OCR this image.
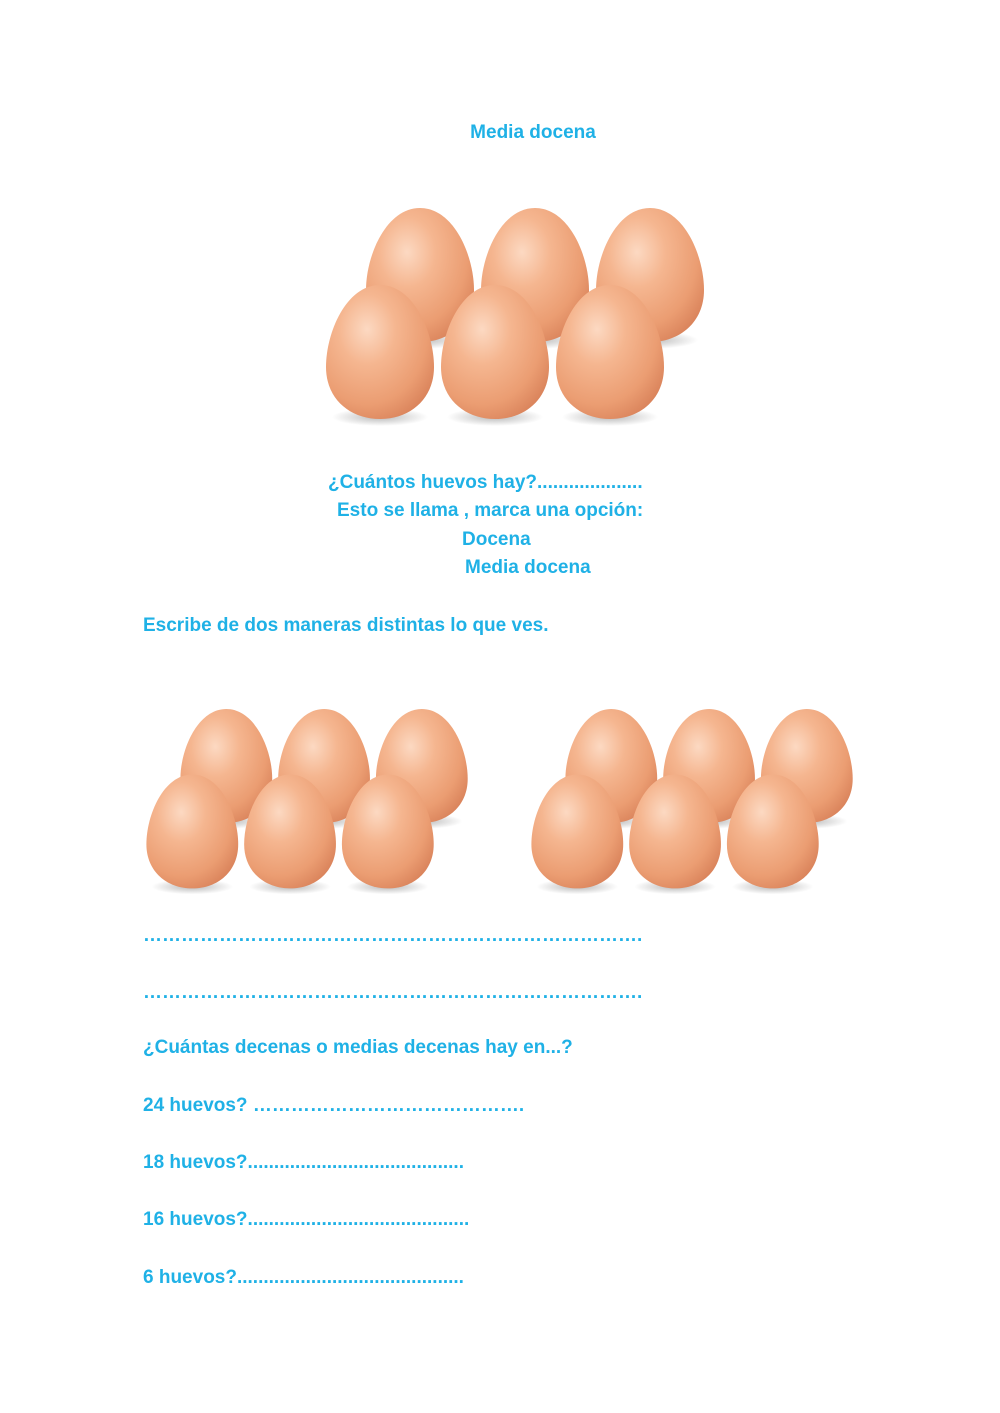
Media docena

¿Cuántos huevos hay?....................

Esto se llama , marca una opción:

Docena

Media docena

Escribe de dos maneras distintas lo que ves.

…………………………………………………………………….

…………………………………………………………………….

¿Cuántas decenas o medias decenas hay en...?

24 huevos? …………………………………….

18 huevos?.........................................

16 huevos?..........................................

6 huevos?...........................................
